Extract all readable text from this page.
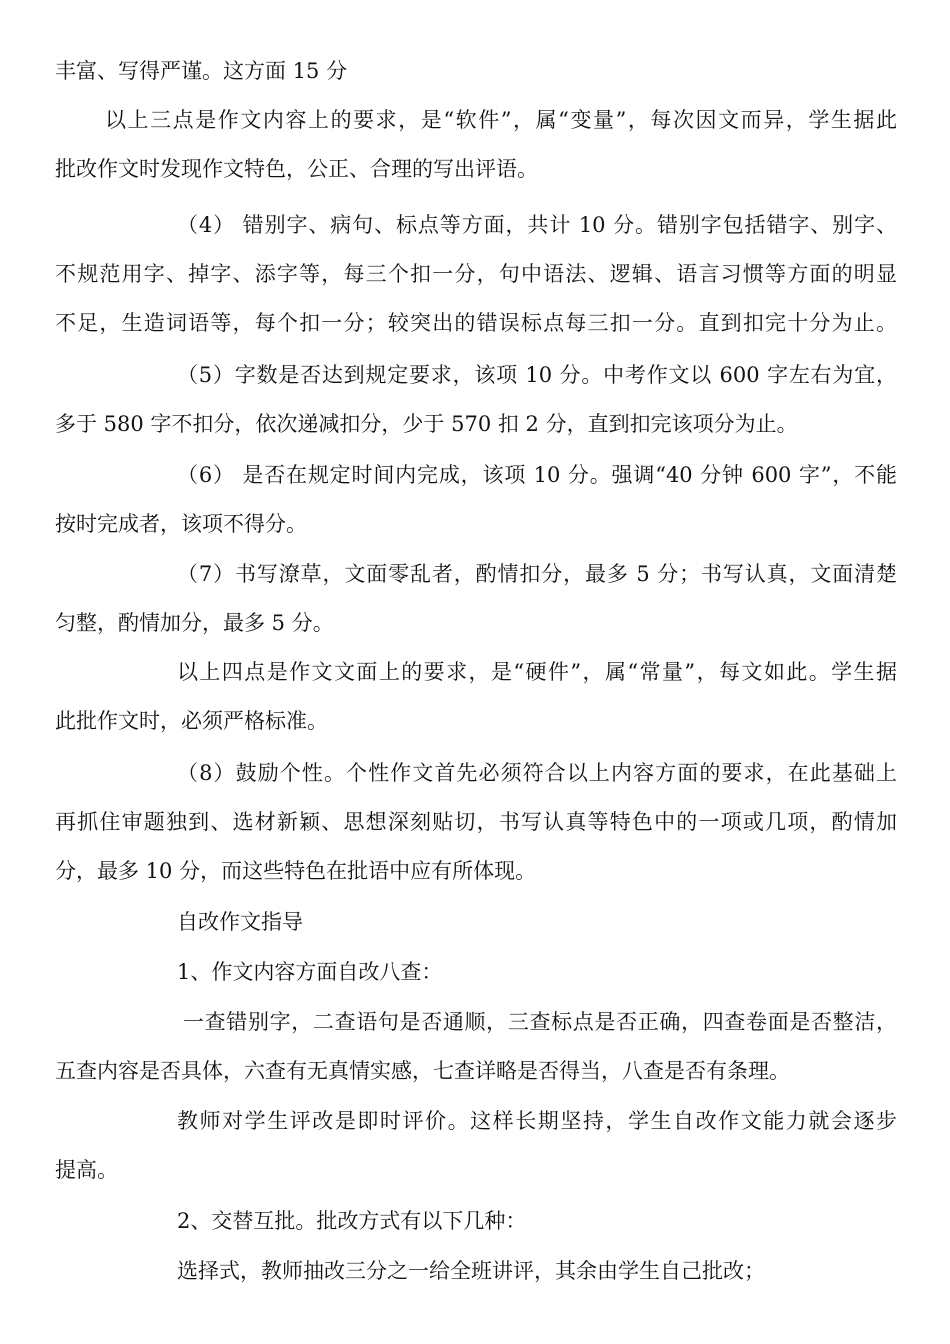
丰富、写得严谨。这方面 15 分
以上三点是作文内容上的要求，是“软件”，属“变量”，每次因文而异，学生据此
批改作文时发现作文特色，公正、合理的写出评语。
（4） 错别字、病句、标点等方面，共计 10 分。错别字包括错字、别字、
不规范用字、掉字、添字等，每三个扣一分，句中语法、逻辑、语言习惯等方面的明显
不足，生造词语等，每个扣一分；较突出的错误标点每三扣一分。直到扣完十分为止。
（5）字数是否达到规定要求，该项 10 分。中考作文以 600 字左右为宜，
多于 580 字不扣分，依次递减扣分，少于 570 扣 2 分，直到扣完该项分为止。
（6） 是否在规定时间内完成，该项 10 分。强调“40 分钟 600 字”，不能
按时完成者，该项不得分。
（7）书写潦草，文面零乱者，酌情扣分，最多 5 分；书写认真，文面清楚
匀整，酌情加分，最多 5 分。
以上四点是作文文面上的要求，是“硬件”，属“常量”，每文如此。学生据
此批作文时，必须严格标准。
（8）鼓励个性。个性作文首先必须符合以上内容方面的要求，在此基础上
再抓住审题独到、选材新颖、思想深刻贴切，书写认真等特色中的一项或几项，酌情加
分，最多 10 分，而这些特色在批语中应有所体现。
自改作文指导
1、作文内容方面自改八查：
一查错别字，二查语句是否通顺，三查标点是否正确，四查卷面是否整洁，
五查内容是否具体，六查有无真情实感，七查详略是否得当，八查是否有条理。
教师对学生评改是即时评价。这样长期坚持，学生自改作文能力就会逐步
提高。
2、交替互批。批改方式有以下几种：
选择式，教师抽改三分之一给全班讲评，其余由学生自己批改；
